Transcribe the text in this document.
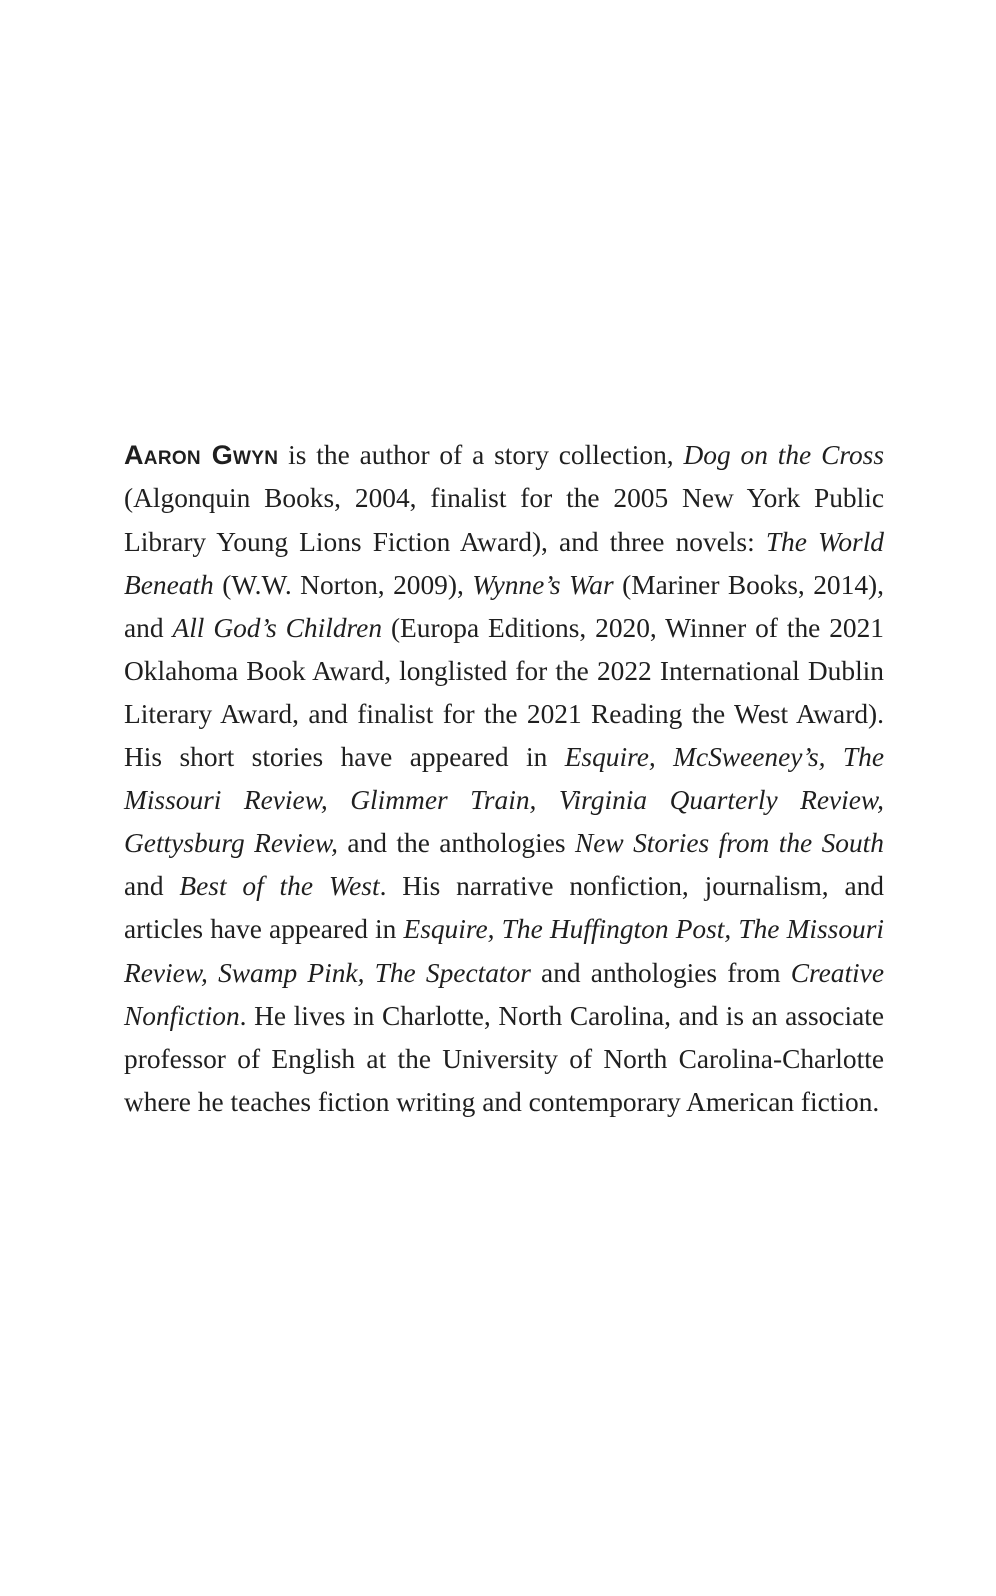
Aaron Gwyn is the author of a story collection, Dog on the Cross (Algonquin Books, 2004, finalist for the 2005 New York Public Library Young Lions Fiction Award), and three novels: The World Beneath (W.W. Norton, 2009), Wynne’s War (Mariner Books, 2014), and All God’s Children (Europa Editions, 2020, Winner of the 2021 Oklahoma Book Award, longlisted for the 2022 International Dublin Literary Award, and finalist for the 2021 Reading the West Award). His short stories have appeared in Esquire, McSweeney’s, The Missouri Review, Glimmer Train, Virginia Quarterly Review, Gettysburg Review, and the anthologies New Stories from the South and Best of the West. His narrative nonfiction, journalism, and articles have appeared in Esquire, The Huffington Post, The Missouri Review, Swamp Pink, The Spectator and anthologies from Creative Nonfiction. He lives in Charlotte, North Carolina, and is an associate professor of English at the University of North Carolina-Charlotte where he teaches fiction writing and contemporary American fiction.
